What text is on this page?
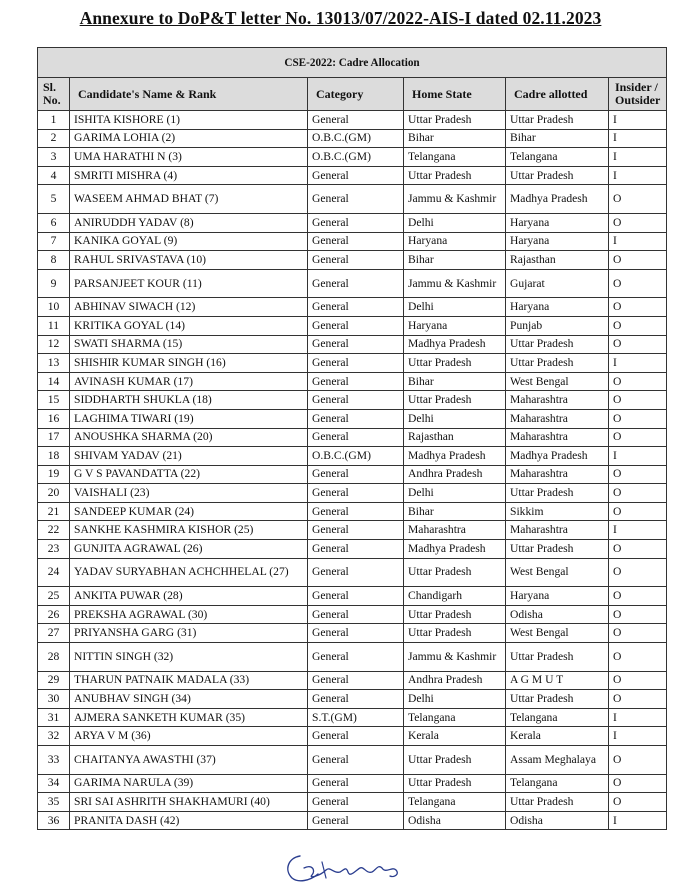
Annexure to DoP&T letter No. 13013/07/2022-AIS-I dated 02.11.2023
CSE-2022: Cadre Allocation					
Sl. No.	Candidate's Name & Rank	Category	Home State	Cadre allotted	Insider / Outsider
1	ISHITA KISHORE (1)	General	Uttar Pradesh	Uttar Pradesh	I
2	GARIMA LOHIA (2)	O.B.C.(GM)	Bihar	Bihar	I
3	UMA HARATHI N (3)	O.B.C.(GM)	Telangana	Telangana	I
4	SMRITI MISHRA (4)	General	Uttar Pradesh	Uttar Pradesh	I
5	WASEEM AHMAD BHAT (7)	General	Jammu & Kashmir	Madhya Pradesh	O
6	ANIRUDDH YADAV (8)	General	Delhi	Haryana	O
7	KANIKA GOYAL (9)	General	Haryana	Haryana	I
8	RAHUL SRIVASTAVA (10)	General	Bihar	Rajasthan	O
9	PARSANJEET KOUR (11)	General	Jammu & Kashmir	Gujarat	O
10	ABHINAV SIWACH (12)	General	Delhi	Haryana	O
11	KRITIKA GOYAL (14)	General	Haryana	Punjab	O
12	SWATI SHARMA (15)	General	Madhya Pradesh	Uttar Pradesh	O
13	SHISHIR KUMAR SINGH (16)	General	Uttar Pradesh	Uttar Pradesh	I
14	AVINASH KUMAR (17)	General	Bihar	West Bengal	O
15	SIDDHARTH SHUKLA (18)	General	Uttar Pradesh	Maharashtra	O
16	LAGHIMA TIWARI (19)	General	Delhi	Maharashtra	O
17	ANOUSHKA SHARMA (20)	General	Rajasthan	Maharashtra	O
18	SHIVAM YADAV (21)	O.B.C.(GM)	Madhya Pradesh	Madhya Pradesh	I
19	G V S PAVANDATTA (22)	General	Andhra Pradesh	Maharashtra	O
20	VAISHALI (23)	General	Delhi	Uttar Pradesh	O
21	SANDEEP KUMAR (24)	General	Bihar	Sikkim	O
22	SANKHE KASHMIRA KISHOR (25)	General	Maharashtra	Maharashtra	I
23	GUNJITA AGRAWAL (26)	General	Madhya Pradesh	Uttar Pradesh	O
24	YADAV SURYABHAN ACHCHHELAL (27)	General	Uttar Pradesh	West Bengal	O
25	ANKITA PUWAR (28)	General	Chandigarh	Haryana	O
26	PREKSHA AGRAWAL (30)	General	Uttar Pradesh	Odisha	O
27	PRIYANSHA GARG (31)	General	Uttar Pradesh	West Bengal	O
28	NITTIN SINGH (32)	General	Jammu & Kashmir	Uttar Pradesh	O
29	THARUN PATNAIK MADALA (33)	General	Andhra Pradesh	A G M U T	O
30	ANUBHAV SINGH (34)	General	Delhi	Uttar Pradesh	O
31	AJMERA SANKETH KUMAR (35)	S.T.(GM)	Telangana	Telangana	I
32	ARYA V M (36)	General	Kerala	Kerala	I
33	CHAITANYA AWASTHI (37)	General	Uttar Pradesh	Assam Meghalaya	O
34	GARIMA NARULA (39)	General	Uttar Pradesh	Telangana	O
35	SRI SAI ASHRITH SHAKHAMURI (40)	General	Telangana	Uttar Pradesh	O
36	PRANITA DASH (42)	General	Odisha	Odisha	I
